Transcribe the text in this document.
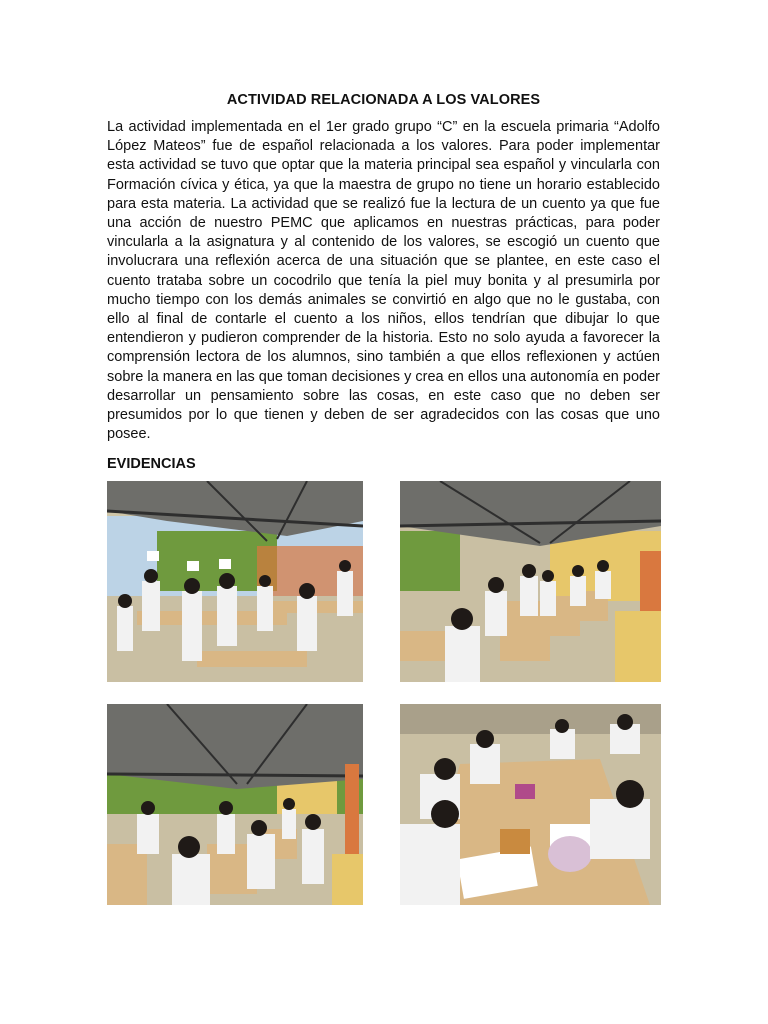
ACTIVIDAD RELACIONADA A LOS VALORES

La actividad implementada en el 1er grado grupo “C” en la escuela primaria “Adolfo López Mateos” fue de español relacionada a los valores. Para poder implementar esta actividad se tuvo que optar que la materia principal sea español y vincularla con Formación cívica y ética, ya que la maestra de grupo no tiene un horario establecido para esta materia. La actividad que se realizó fue la lectura de un cuento ya que fue una acción de nuestro PEMC que aplicamos en nuestras prácticas, para poder vincularla a la asignatura y al contenido de los valores, se escogió un cuento que involucrara una reflexión acerca de una situación que se plantee, en este caso el cuento trataba sobre un cocodrilo que tenía la piel muy bonita y al presumirla por mucho tiempo con los demás animales se convirtió en algo que no le gustaba, con ello al final de contarle el cuento a los niños, ellos tendrían que dibujar lo que entendieron y pudieron comprender de la historia. Esto no solo ayuda a favorecer la comprensión lectora de los alumnos, sino también a que ellos reflexionen y actúen sobre la manera en las que toman decisiones y crea en ellos una autonomía en poder desarrollar un pensamiento sobre las cosas, en este caso que no deben ser presumidos por lo que tienen y deben de ser agradecidos con las cosas que uno posee.

EVIDENCIAS
